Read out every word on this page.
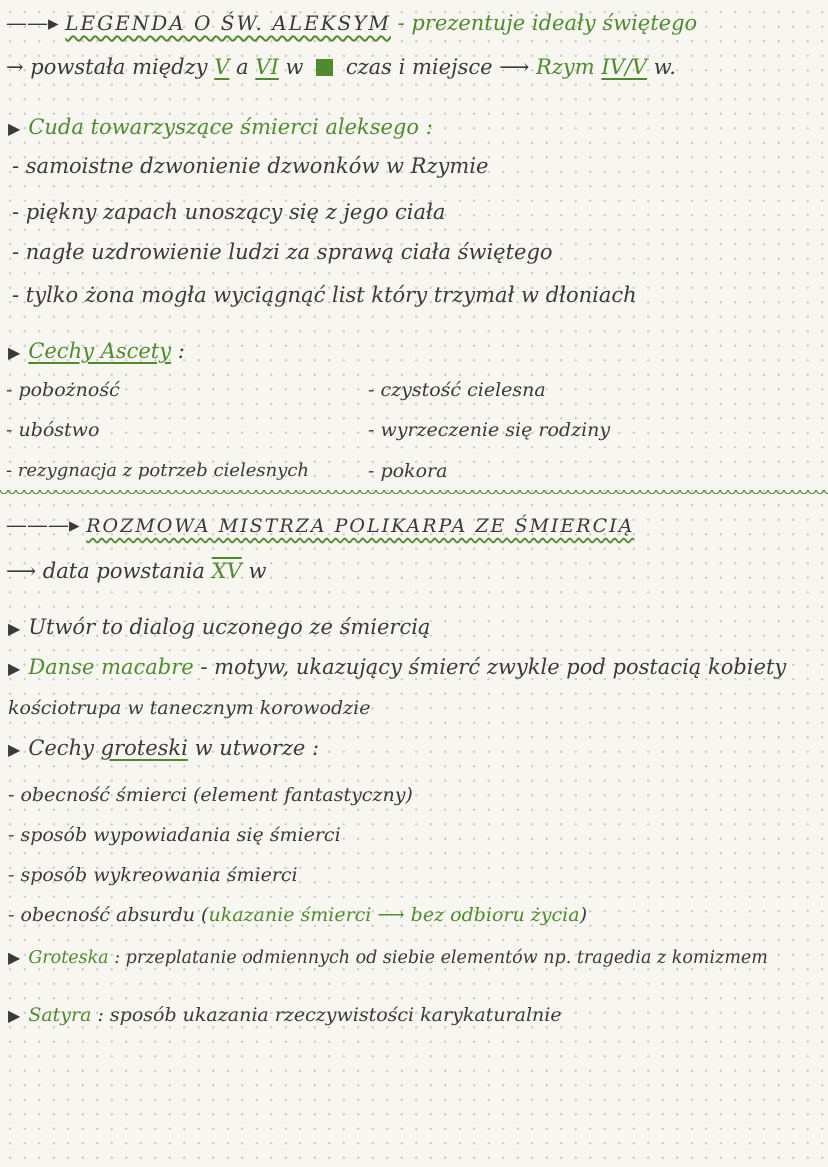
——▸ LEGENDA O ŚW. ALEKSYM - prezentuje ideały świętego
→ powstała między V a VI w czas i miejsce ⟶ Rzym IV/V w.
▶ Cuda towarzyszące śmierci aleksego :
- samoistne dzwonienie dzwonków w Rzymie
- piękny zapach unoszący się z jego ciała
- nagłe uzdrowienie ludzi za sprawą ciała świętego
- tylko żona mogła wyciągnąć list który trzymał w dłoniach
▶ Cechy Ascety :
- pobożność
- ubóstwo
- rezygnacja z potrzeb cielesnych
- czystość cielesna
- wyrzeczenie się rodziny
- pokora
———▸ ROZMOWA MISTRZA POLIKARPA ZE ŚMIERCIĄ
⟶ data powstania $\overline{XV}$ w
▶ Utwór to dialog uczonego ze śmiercią
▶ Danse macabre - motyw, ukazujący śmierć zwykle pod postacią kobiety
kościotrupa w tanecznym korowodzie
▶ Cechy groteski w utworze :
- obecność śmierci (element fantastyczny)
- sposób wypowiadania się śmierci
- sposób wykreowania śmierci
- obecność absurdu (ukazanie śmierci ⟶ bez odbioru życia)
▶ Groteska : przeplatanie odmiennych od siebie elementów np. tragedia z komizmem
▶ Satyra : sposób ukazania rzeczywistości karykaturalnie
